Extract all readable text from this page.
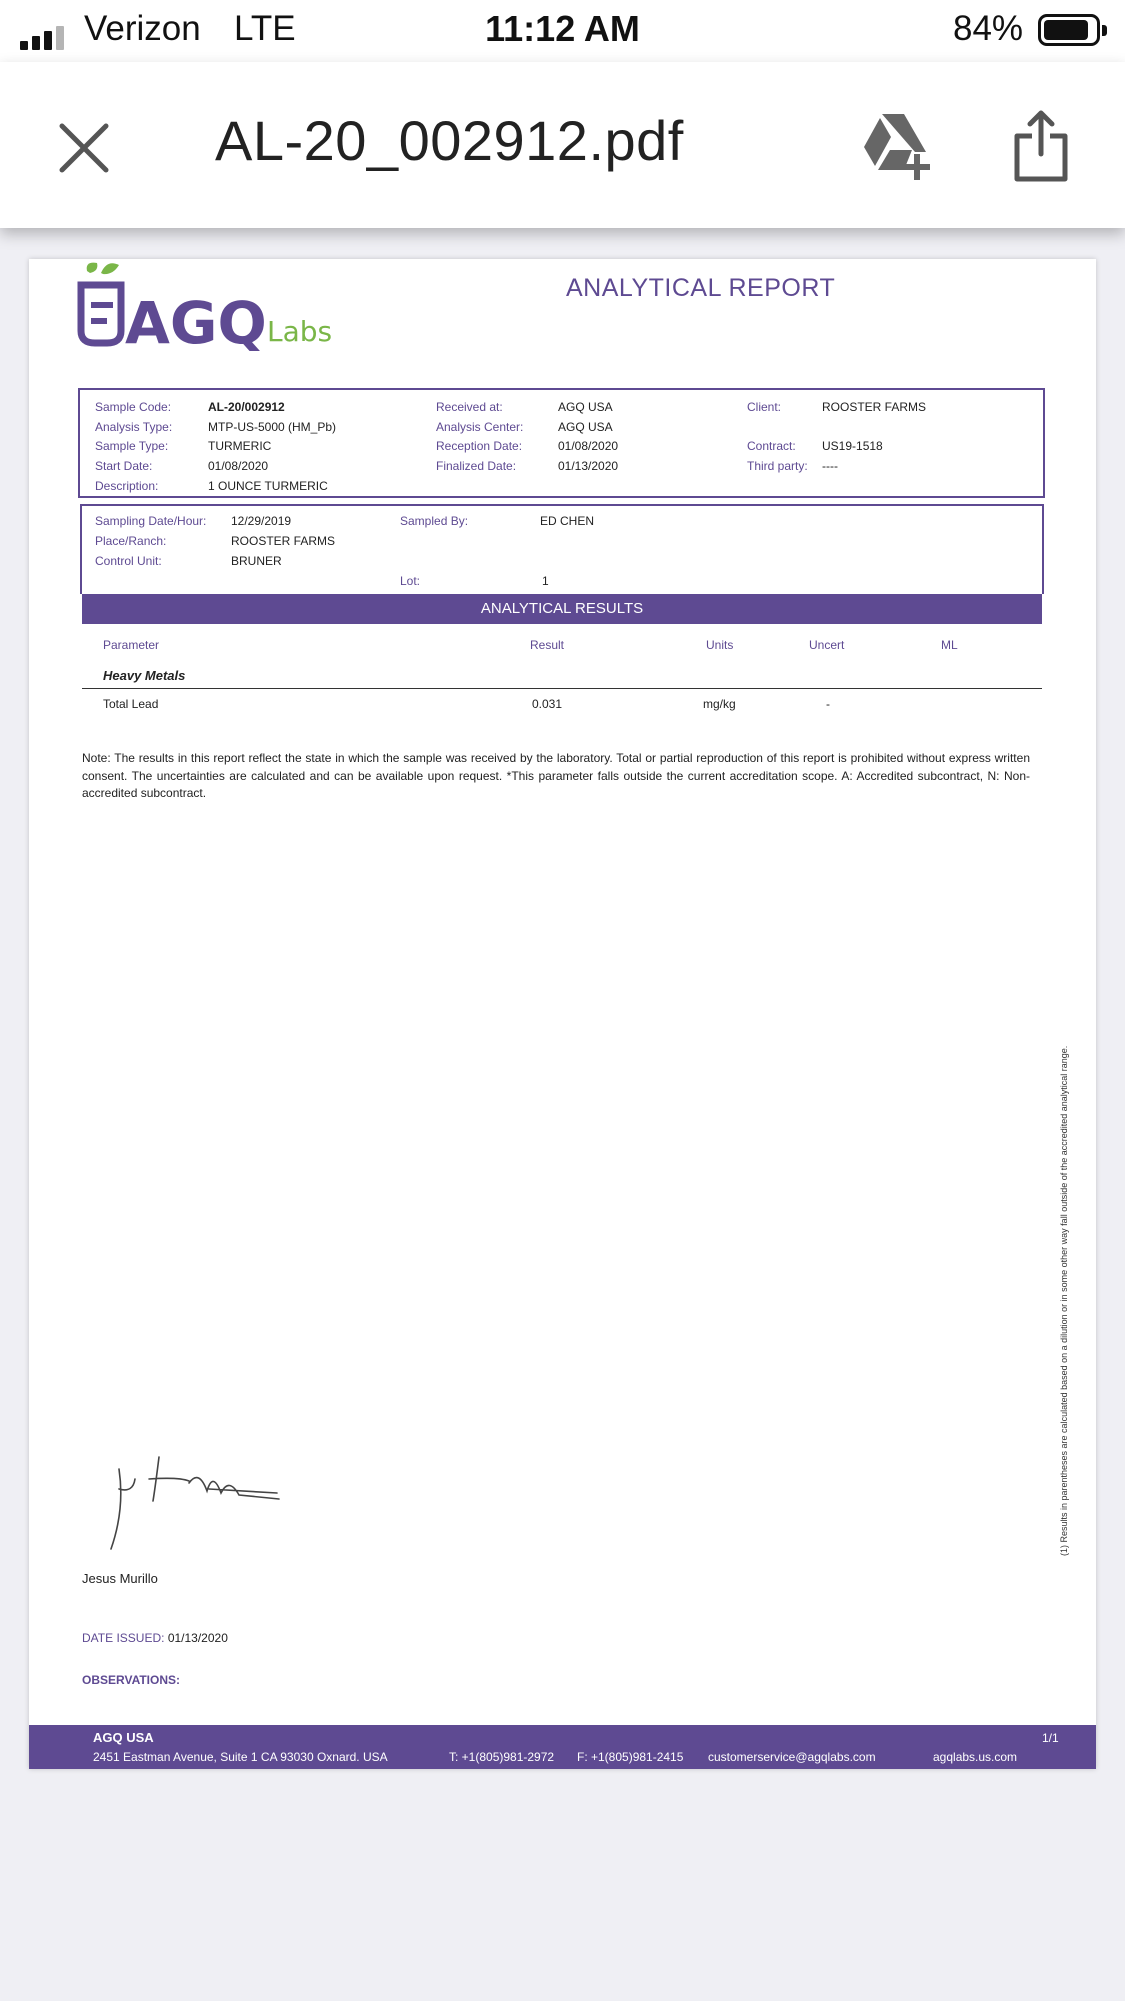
Verizon LTE	11:12 AM	84%
AL-20_002912.pdf
AGQ Labs
ANALYTICAL REPORT
Sample Code:	AL-20/002912
Analysis Type:	MTP-US-5000 (HM_Pb)
Sample Type:	TURMERIC
Start Date:	01/08/2020
Description:	1 OUNCE TURMERIC
Received at:	AGQ USA
Analysis Center:	AGQ USA
Reception Date:	01/08/2020
Finalized Date:	01/13/2020
Client:	ROOSTER FARMS
Contract: US19-1518
Third party: ----
Sampling Date/Hour: 12/29/2019
Place/Ranch:	ROOSTER FARMS
Control Unit:	BRUNER
Sampled By:	ED CHEN
Lot:	1
ANALYTICAL RESULTS
Parameter	Result	Units	Uncert	ML
Heavy Metals
Total Lead	0.031	mg/kg	-
Note: The results in this report reflect the state in which the sample was received by the laboratory. Total or partial reproduction of this report is prohibited without express written consent. The uncertainties are calculated and can be available upon request. *This parameter falls outside the current accreditation scope. A: Accredited subcontract, N: Non-accredited subcontract.
(1) Results in parentheses are calculated based on a dilution or in some other way fall outside of the accredited analytical range.
Jesus Murillo
DATE ISSUED: 01/13/2020
OBSERVATIONS:
AGQ USA
2451 Eastman Avenue, Suite 1 CA 93030 Oxnard. USA	T: +1(805)981-2972 F: +1(805)981-2415 customerservice@agqlabs.com	agqlabs.us.com
1/1
